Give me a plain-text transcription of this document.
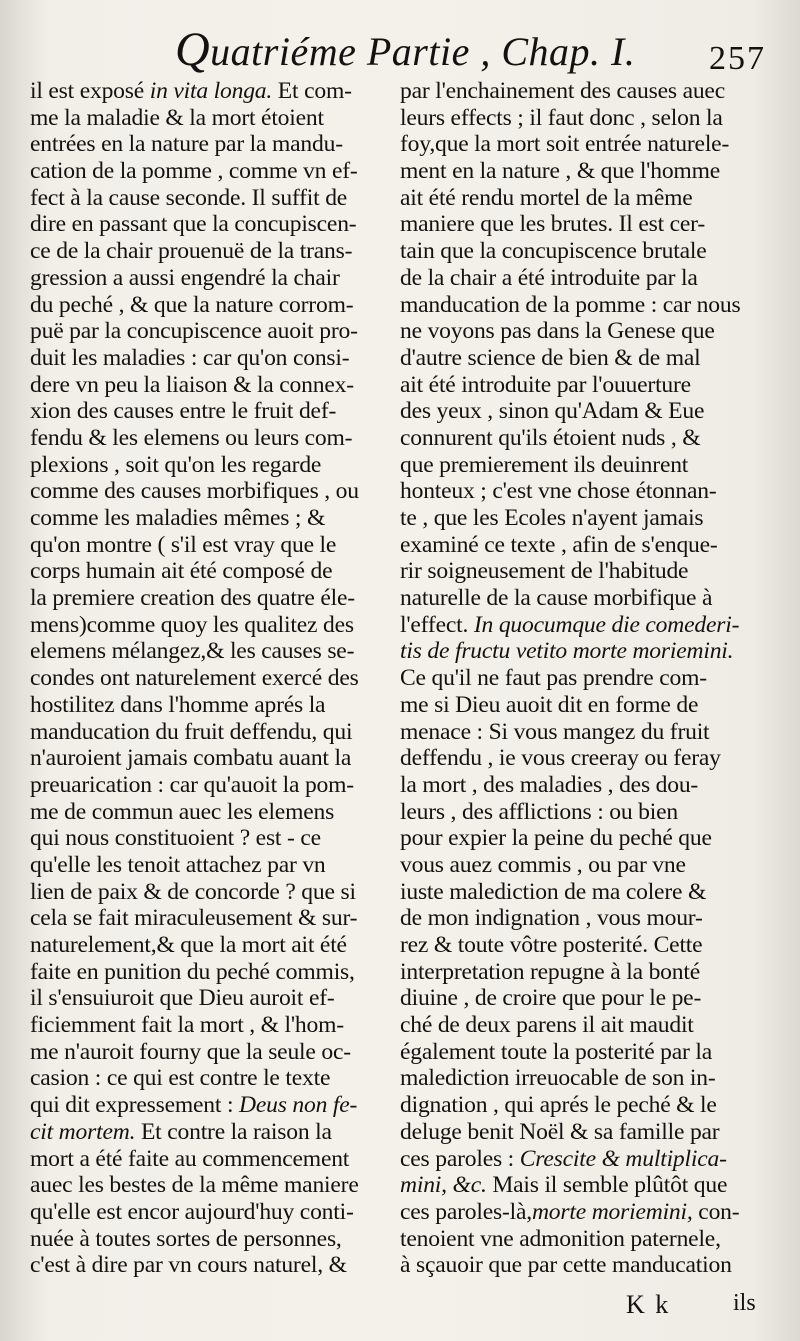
Quatriéme Partie , Chap. I. 257
il est exposé in vita longa. Et com-
me la maladie & la mort étoient
entrées en la nature par la mandu-
cation de la pomme , comme vn ef-
fect à la cause seconde. Il suffit de
dire en passant que la concupiscen-
ce de la chair prouenuë de la trans-
gression a aussi engendré la chair
du peché , & que la nature corrom-
puë par la concupiscence auoit pro-
duit les maladies : car qu'on consi-
dere vn peu la liaison & la connex-
xion des causes entre le fruit def-
fendu & les elemens ou leurs com-
plexions , soit qu'on les regarde
comme des causes morbifiques , ou
comme les maladies mêmes ; &
qu'on montre ( s'il est vray que le
corps humain ait été composé de
la premiere creation des quatre éle-
mens)comme quoy les qualitez des
elemens mélangez,& les causes se-
condes ont naturelement exercé des
hostilitez dans l'homme aprés la
manducation du fruit deffendu, qui
n'auroient jamais combatu auant la
preuarication : car qu'auoit la pom-
me de commun auec les elemens
qui nous constituoient ? est - ce
qu'elle les tenoit attachez par vn
lien de paix & de concorde ? que si
cela se fait miraculeusement & sur-
naturelement,& que la mort ait été
faite en punition du peché commis,
il s'ensuiuroit que Dieu auroit ef-
ficiemment fait la mort , & l'hom-
me n'auroit fourny que la seule oc-
casion : ce qui est contre le texte
qui dit expressement : Deus non fe-
cit mortem. Et contre la raison la
mort a été faite au commencement
auec les bestes de la même maniere
qu'elle est encor aujourd'huy conti-
nuée à toutes sortes de personnes,
c'est à dire par vn cours naturel, &
par l'enchainement des causes auec
leurs effects ; il faut donc , selon la
foy,que la mort soit entrée naturele-
ment en la nature , & que l'homme
ait été rendu mortel de la même
maniere que les brutes. Il est cer-
tain que la concupiscence brutale
de la chair a été introduite par la
manducation de la pomme : car nous
ne voyons pas dans la Genese que
d'autre science de bien & de mal
ait été introduite par l'ouuerture
des yeux , sinon qu'Adam & Eue
connurent qu'ils étoient nuds , &
que premierement ils deuinrent
honteux ; c'est vne chose étonnan-
te , que les Ecoles n'ayent jamais
examiné ce texte , afin de s'enque-
rir soigneusement de l'habitude
naturelle de la cause morbifique à
l'effect. In quocumque die comederi-
tis de fructu vetito morte moriemini.
Ce qu'il ne faut pas prendre com-
me si Dieu auoit dit en forme de
menace : Si vous mangez du fruit
deffendu , ie vous creeray ou feray
la mort , des maladies , des dou-
leurs , des afflictions : ou bien
pour expier la peine du peché que
vous auez commis , ou par vne
iuste malediction de ma colere &
de mon indignation , vous mour-
rez & toute vôtre posterité. Cette
interpretation repugne à la bonté
diuine , de croire que pour le pe-
ché de deux parens il ait maudit
également toute la posterité par la
malediction irreuocable de son in-
dignation , qui aprés le peché & le
deluge benit Noël & sa famille par
ces paroles : Crescite & multiplica-
mini, &c. Mais il semble plûtôt que
ces paroles-là,morte moriemini, con-
tenoient vne admonition paternele,
à sçauoir que par cette manducation
K k	ils
